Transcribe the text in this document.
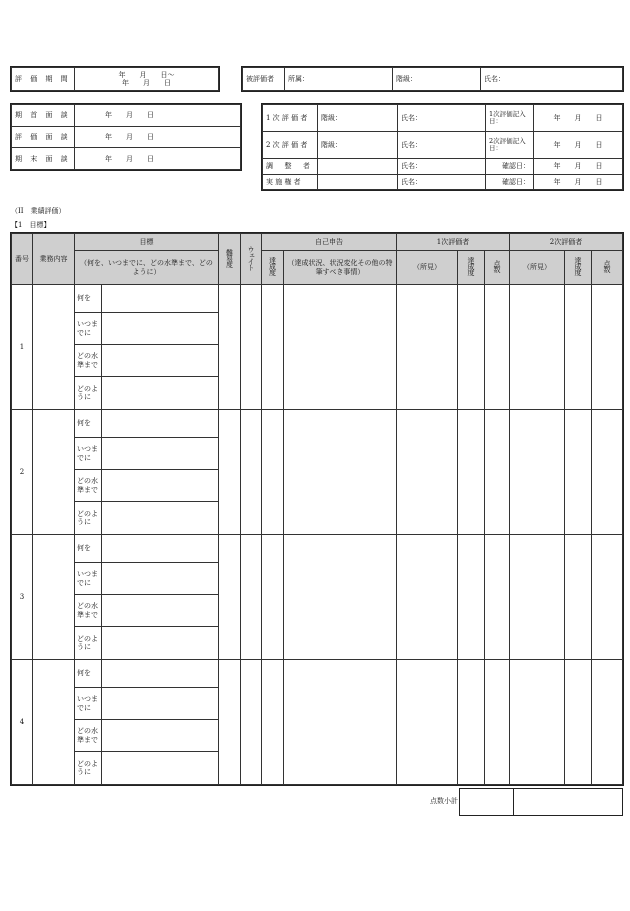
評 価 期 間	
年　　月　　日〜
年　　月　　日
被評価者	所属：	階級：	氏名：
期 首 面 談	年　　月　　日
評 価 面 談	年　　月　　日
期 末 面 談	年　　月　　日
1 次 評 価 者	階級：	氏名：	1次評価記入日：	年　　月　　日
2 次 評 価 者	階級：	氏名：	2次評価記入日：	年　　月　　日
調 　 整 　 者		氏名：	確認日：	年　　月　　日
実 施 権 者		氏名：	確認日：	年　　月　　日
（II　業績評価）
【1　目標】
番号	業務内容	目標		難易度	ウェイト	自己申告		1次評価者			2次評価者		
		（何を、いつまでに、どの水準まで、どのように）				達成度	（達成状況、状況変化その他の特筆すべき事情）	（所見）	達成度	点数	（所見）	達成度	点数
1		何を											
		いつまでに											
		どの水準まで											
		どのように											
2		何を											
		いつまでに											
		どの水準まで											
		どのように											
3		何を											
		いつまでに											
		どの水準まで											
		どのように											
4		何を											
		いつまでに											
		どの水準まで											
		どのように											
点数小計
